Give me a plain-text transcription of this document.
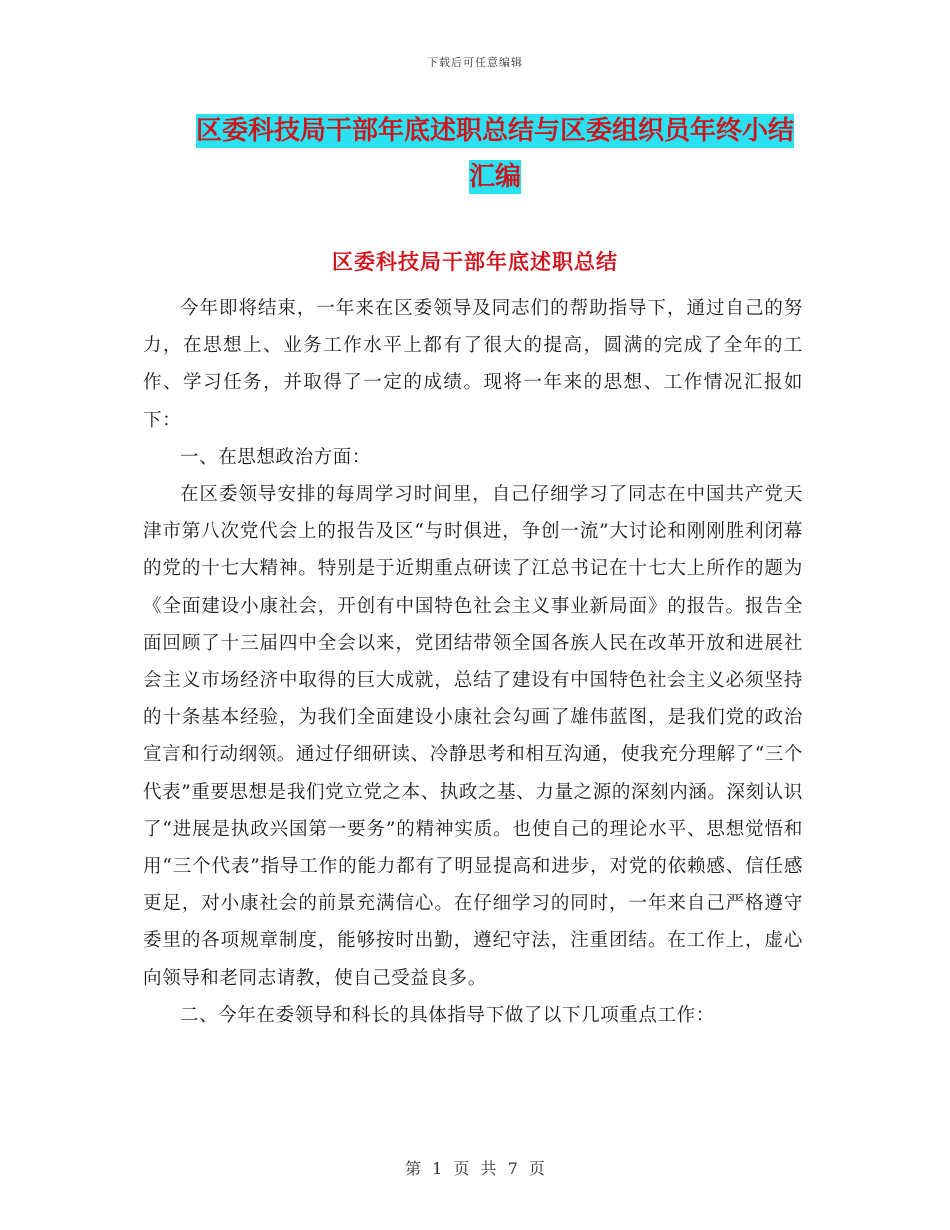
下载后可任意编辑
区委科技局干部年底述职总结与区委组织员年终小结
汇编
区委科技局干部年底述职总结

今年即将结束，一年来在区委领导及同志们的帮助指导下，通过自己的努力，在思想上、业务工作水平上都有了很大的提高，圆满的完成了全年的工作、学习任务，并取得了一定的成绩。现将一年来的思想、工作情况汇报如下：

一、在思想政治方面：

在区委领导安排的每周学习时间里，自己仔细学习了同志在中国共产党天津市第八次党代会上的报告及区“与时俱进，争创一流”大讨论和刚刚胜利闭幕的党的十七大精神。特别是于近期重点研读了江总书记在十七大上所作的题为《全面建设小康社会，开创有中国特色社会主义事业新局面》的报告。报告全面回顾了十三届四中全会以来，党团结带领全国各族人民在改革开放和进展社会主义市场经济中取得的巨大成就，总结了建设有中国特色社会主义必须坚持的十条基本经验，为我们全面建设小康社会勾画了雄伟蓝图，是我们党的政治宣言和行动纲领。通过仔细研读、冷静思考和相互沟通，使我充分理解了“三个代表”重要思想是我们党立党之本、执政之基、力量之源的深刻内涵。深刻认识了“进展是执政兴国第一要务”的精神实质。也使自己的理论水平、思想觉悟和用“三个代表”指导工作的能力都有了明显提高和进步，对党的依赖感、信任感更足，对小康社会的前景充满信心。在仔细学习的同时，一年来自己严格遵守委里的各项规章制度，能够按时出勤，遵纪守法，注重团结。在工作上，虚心向领导和老同志请教，使自己受益良多。

二、今年在委领导和科长的具体指导下做了以下几项重点工作：

第 1 页 共 7 页
